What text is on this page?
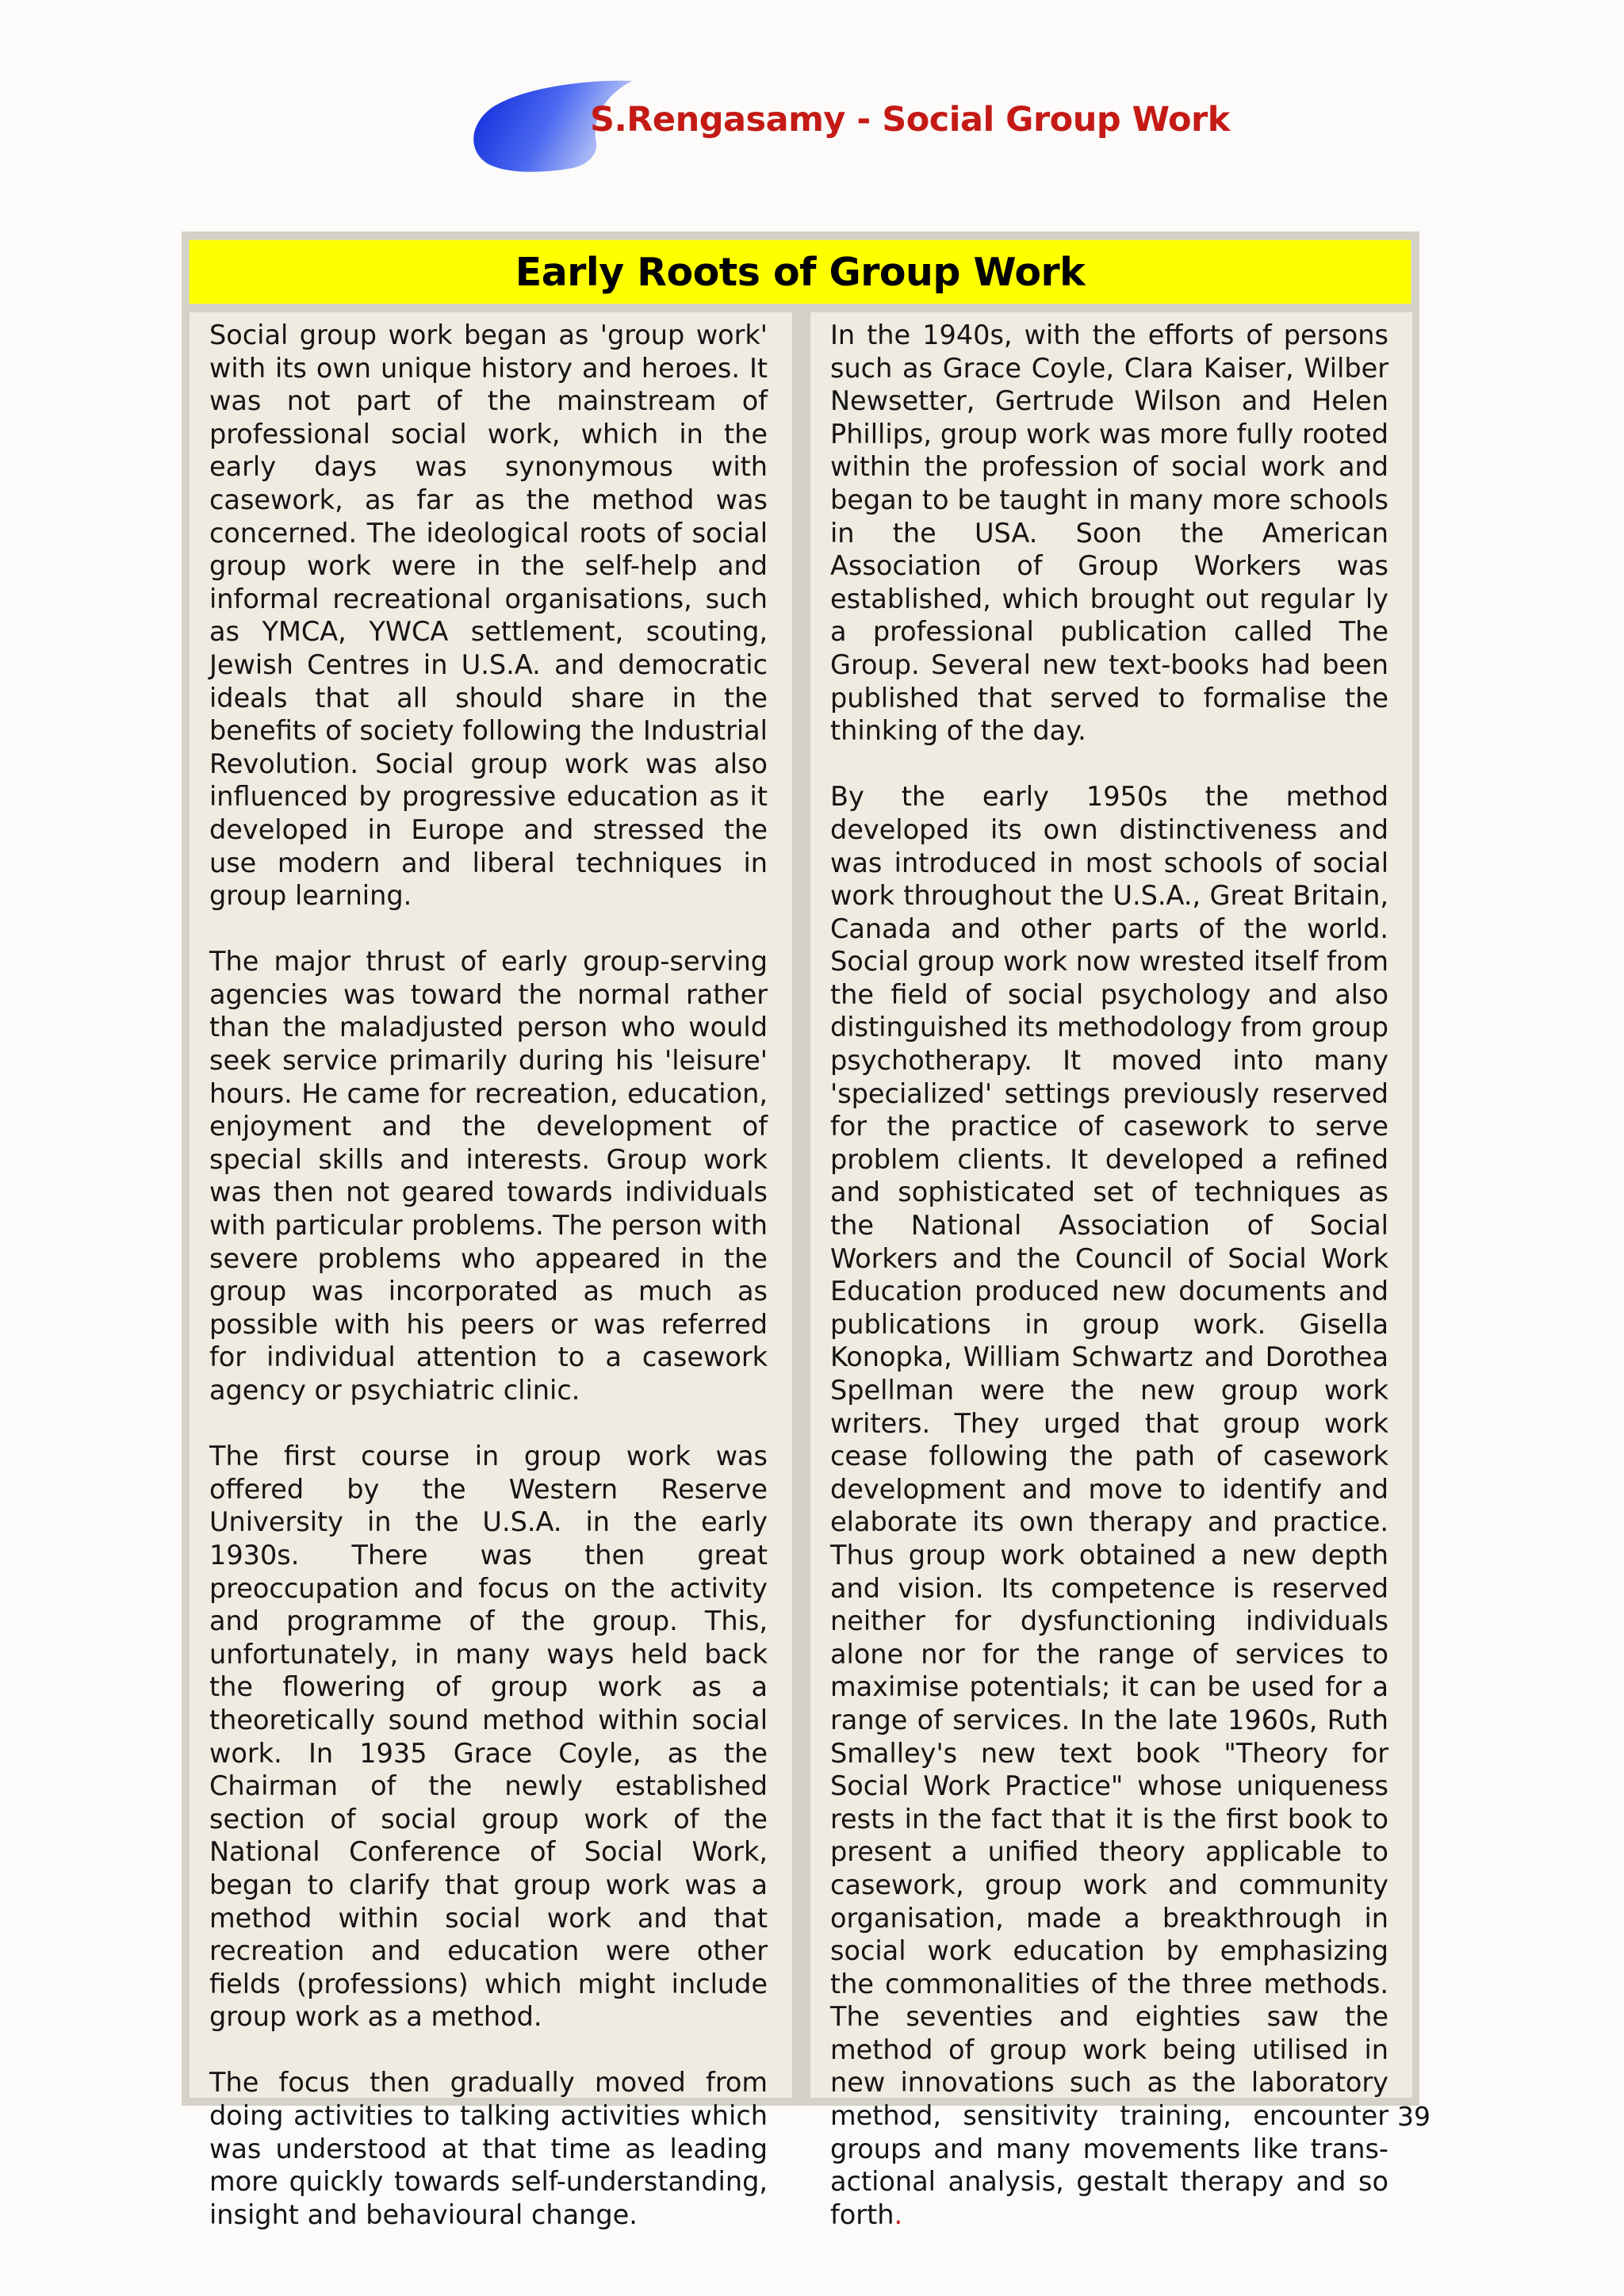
S.Rengasamy - Social Group Work
Early Roots of Group Work

Social group work began as 'group work' with its own unique history and heroes. It was not part of the mainstream of professional social work, which in the early days was synonymous with casework, as far as the method was concerned. The ideological roots of social group work were in the self-help and informal recreational organisations, such as YMCA, YWCA settlement, scouting, Jewish Centres in U.S.A. and democratic ideals that all should share in the benefits of society following the Industrial Revolution. Social group work was also influenced by progressive education as it developed in Europe and stressed the use modern and liberal techniques in group learning.

The major thrust of early group-serving agencies was toward the normal rather than the maladjusted person who would seek service primarily during his 'leisure' hours. He came for recreation, education, enjoyment and the development of special skills and interests. Group work was then not geared towards individuals with particular problems. The person with severe problems who appeared in the group was incorporated as much as possible with his peers or was referred for individual attention to a casework agency or psychiatric clinic.

The first course in group work was offered by the Western Reserve University in the U.S.A. in the early 1930s. There was then great preoccupation and focus on the activity and programme of the group. This, unfortunately, in many ways held back the flowering of group work as a theoretically sound method within social work. In 1935 Grace Coyle, as the Chairman of the newly established section of social group work of the National Conference of Social Work, began to clarify that group work was a method within social work and that recreation and education were other fields (professions) which might include group work as a method.

The focus then gradually moved from doing activities to talking activities which was understood at that time as leading more quickly towards self-understanding, insight and behavioural change.

In the 1940s, with the efforts of persons such as Grace Coyle, Clara Kaiser, Wilber Newsetter, Gertrude Wilson and Helen Phillips, group work was more fully rooted within the profession of social work and began to be taught in many more schools in the USA. Soon the American Association of Group Workers was established, which brought out regular ly a professional publication called The Group. Several new text-books had been published that served to formalise the thinking of the day.

By the early 1950s the method developed its own distinctiveness and was introduced in most schools of social work throughout the U.S.A., Great Britain, Canada and other parts of the world. Social group work now wrested itself from the field of social psychology and also distinguished its methodology from group psychotherapy. It moved into many 'specialized' settings previously reserved for the practice of casework to serve problem clients. It developed a refined and sophisticated set of techniques as the National Association of Social Workers and the Council of Social Work Education produced new documents and publications in group work. Gisella Konopka, William Schwartz and Dorothea Spellman were the new group work writers. They urged that group work cease following the path of casework development and move to identify and elaborate its own therapy and practice. Thus group work obtained a new depth and vision. Its competence is reserved neither for dysfunctioning individuals alone nor for the range of services to maximise potentials; it can be used for a range of services. In the late 1960s, Ruth Smalley's new text book "Theory for Social Work Practice" whose uniqueness rests in the fact that it is the first book to present a unified theory applicable to casework, group work and community organisation, made a breakthrough in social work education by emphasizing the commonalities of the three methods. The seventies and eighties saw the method of group work being utilised in new innovations such as the laboratory method, sensitivity training, encounter groups and many movements like trans-actional analysis, gestalt therapy and so forth.

39
